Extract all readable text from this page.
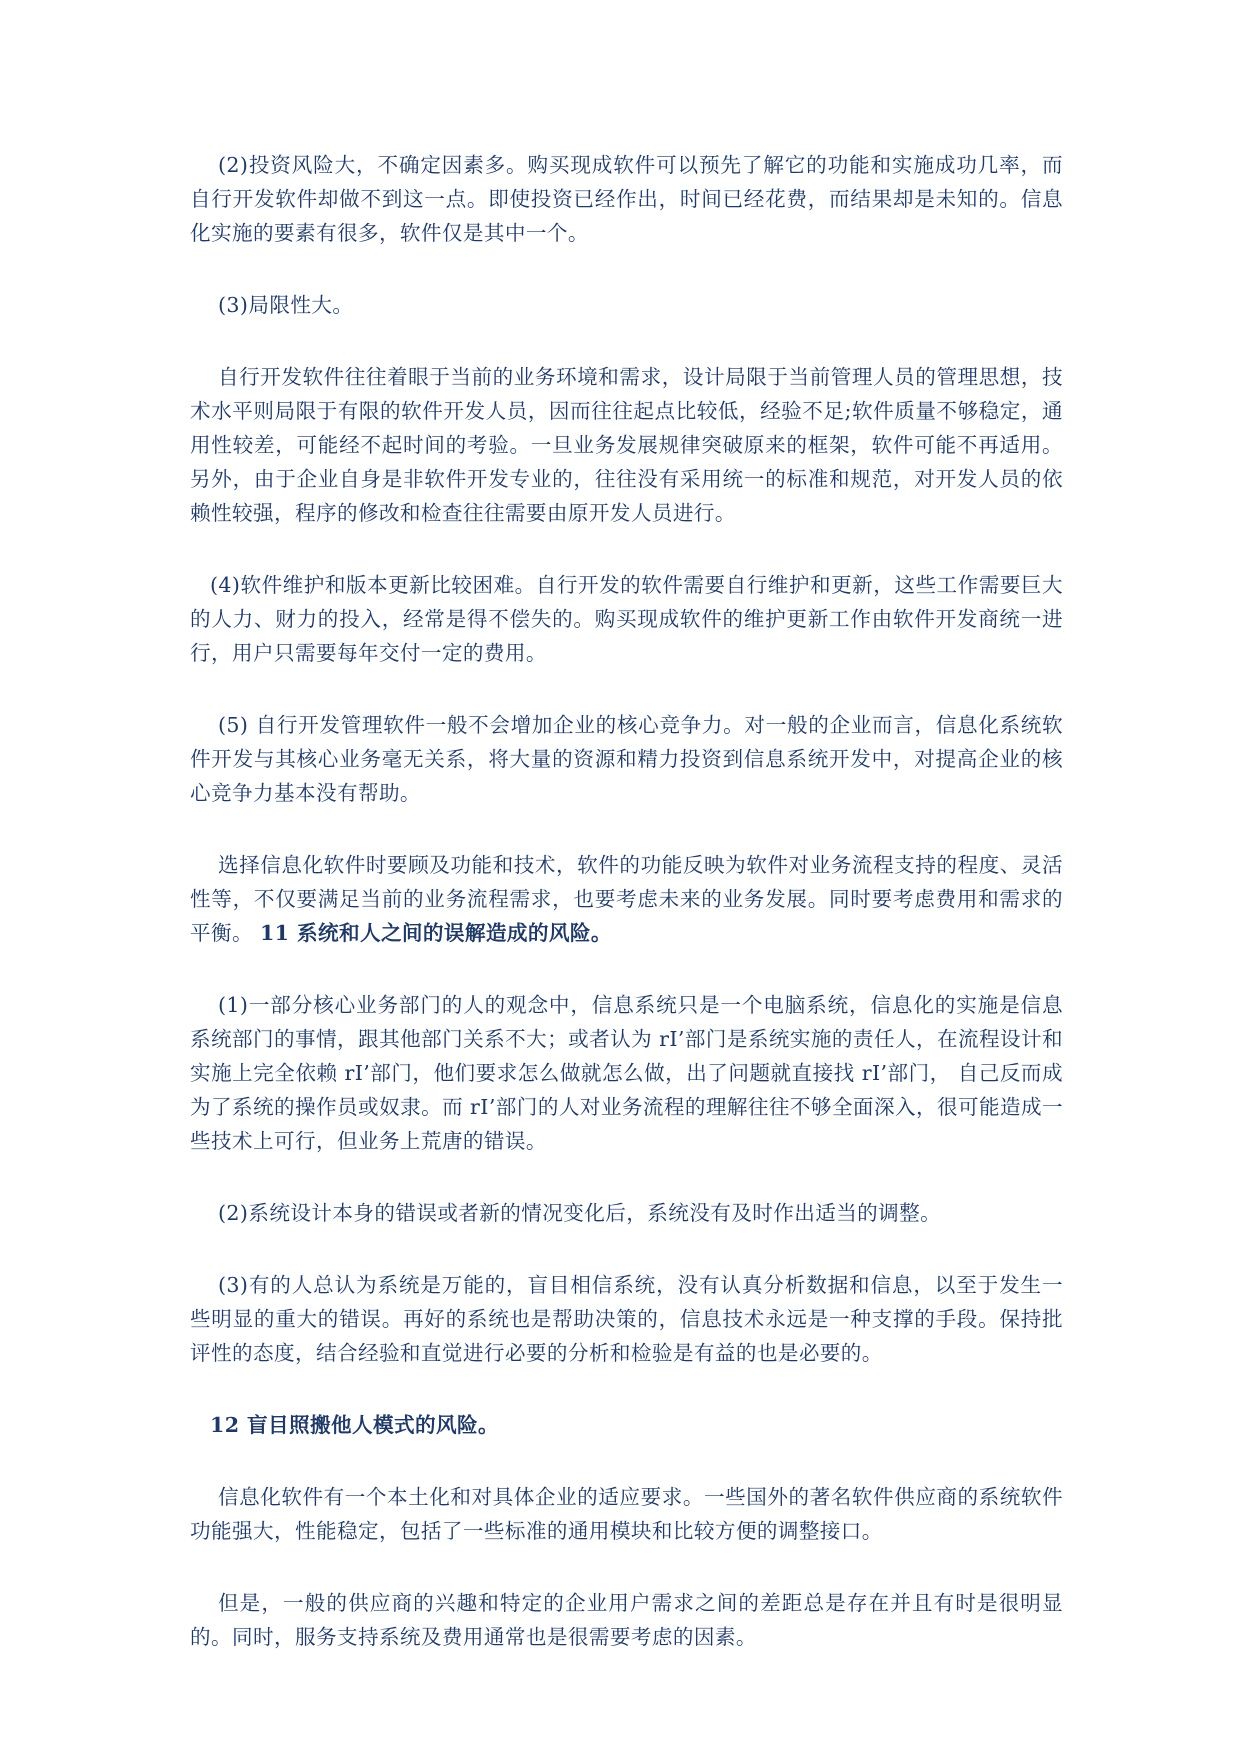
(2)投资风险大，不确定因素多。购买现成软件可以预先了解它的功能和实施成功几率，而自行开发软件却做不到这一点。即使投资已经作出，时间已经花费，而结果却是未知的。信息化实施的要素有很多，软件仅是其中一个。

(3)局限性大。

自行开发软件往往着眼于当前的业务环境和需求，设计局限于当前管理人员的管理思想，技术水平则局限于有限的软件开发人员，因而往往起点比较低，经验不足;软件质量不够稳定，通用性较差，可能经不起时间的考验。一旦业务发展规律突破原来的框架，软件可能不再适用。另外，由于企业自身是非软件开发专业的，往往没有采用统一的标准和规范，对开发人员的依赖性较强，程序的修改和检查往往需要由原开发人员进行。

(4)软件维护和版本更新比较困难。自行开发的软件需要自行维护和更新，这些工作需要巨大的人力、财力的投入，经常是得不偿失的。购买现成软件的维护更新工作由软件开发商统一进行，用户只需要每年交付一定的费用。

(5) 自行开发管理软件一般不会增加企业的核心竞争力。对一般的企业而言，信息化系统软件开发与其核心业务毫无关系，将大量的资源和精力投资到信息系统开发中，对提高企业的核心竞争力基本没有帮助。

选择信息化软件时要顾及功能和技术，软件的功能反映为软件对业务流程支持的程度、灵活性等，不仅要满足当前的业务流程需求，也要考虑未来的业务发展。同时要考虑费用和需求的平衡。 11 系统和人之间的误解造成的风险。

(1)一部分核心业务部门的人的观念中，信息系统只是一个电脑系统，信息化的实施是信息系统部门的事情，跟其他部门关系不大；或者认为 rI’部门是系统实施的责任人，在流程设计和实施上完全依赖 rI’部门，他们要求怎么做就怎么做，出了问题就直接找 rI’部门， 自己反而成为了系统的操作员或奴隶。而 rI’部门的人对业务流程的理解往往不够全面深入，很可能造成一些技术上可行，但业务上荒唐的错误。

(2)系统设计本身的错误或者新的情况变化后，系统没有及时作出适当的调整。

(3)有的人总认为系统是万能的，盲目相信系统，没有认真分析数据和信息，以至于发生一些明显的重大的错误。再好的系统也是帮助决策的，信息技术永远是一种支撑的手段。保持批评性的态度，结合经验和直觉进行必要的分析和检验是有益的也是必要的。

12 盲目照搬他人模式的风险。

信息化软件有一个本土化和对具体企业的适应要求。一些国外的著名软件供应商的系统软件功能强大，性能稳定，包括了一些标准的通用模块和比较方便的调整接口。

但是，一般的供应商的兴趣和特定的企业用户需求之间的差距总是存在并且有时是很明显的。同时，服务支持系统及费用通常也是很需要考虑的因素。
